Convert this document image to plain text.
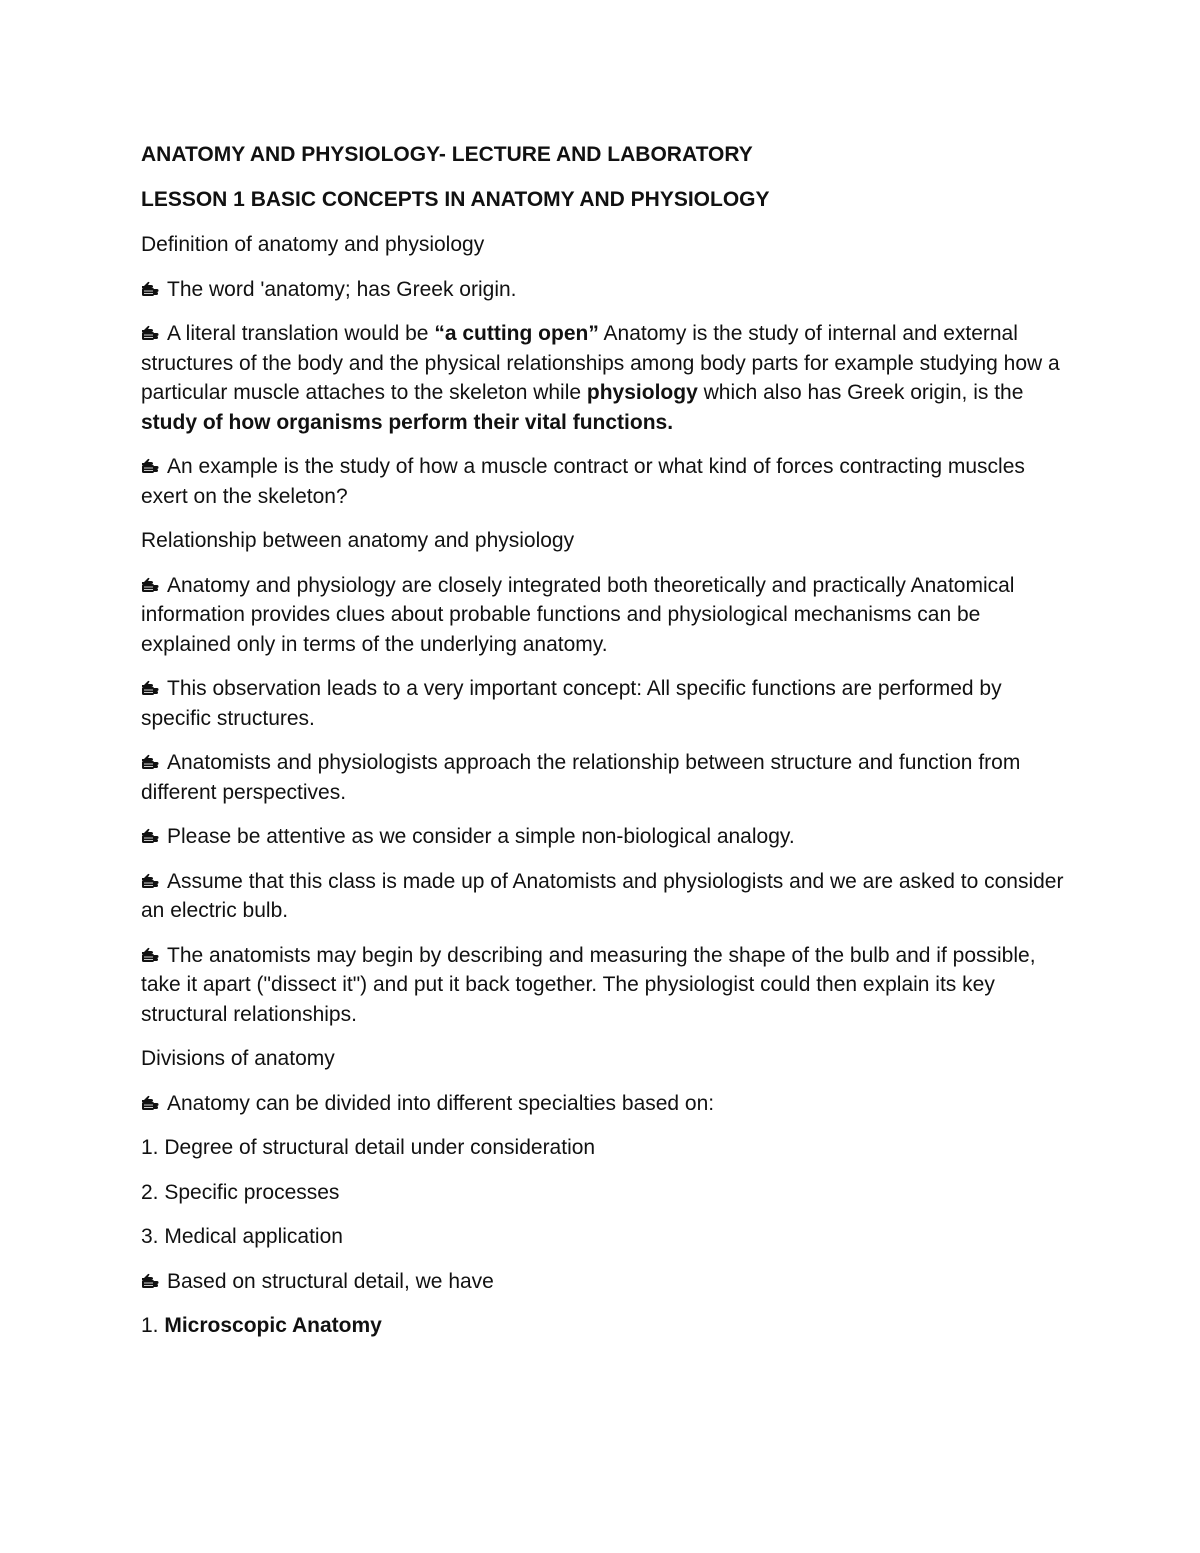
ANATOMY AND PHYSIOLOGY- LECTURE AND LABORATORY
LESSON 1 BASIC CONCEPTS IN ANATOMY AND PHYSIOLOGY
Definition of anatomy and physiology
The word 'anatomy; has Greek origin.
A literal translation would be “a cutting open” Anatomy is the study of internal and external structures of the body and the physical relationships among body parts for example studying how a particular muscle attaches to the skeleton while physiology which also has Greek origin, is the study of how organisms perform their vital functions.
An example is the study of how a muscle contract or what kind of forces contracting muscles exert on the skeleton?
Relationship between anatomy and physiology
Anatomy and physiology are closely integrated both theoretically and practically Anatomical information provides clues about probable functions and physiological mechanisms can be explained only in terms of the underlying anatomy.
This observation leads to a very important concept: All specific functions are performed by specific structures.
Anatomists and physiologists approach the relationship between structure and function from different perspectives.
Please be attentive as we consider a simple non-biological analogy.
Assume that this class is made up of Anatomists and physiologists and we are asked to consider an electric bulb.
The anatomists may begin by describing and measuring the shape of the bulb and if possible, take it apart ("dissect it") and put it back together. The physiologist could then explain its key structural relationships.
Divisions of anatomy
Anatomy can be divided into different specialties based on:
1. Degree of structural detail under consideration
2. Specific processes
3. Medical application
Based on structural detail, we have
1. Microscopic Anatomy
